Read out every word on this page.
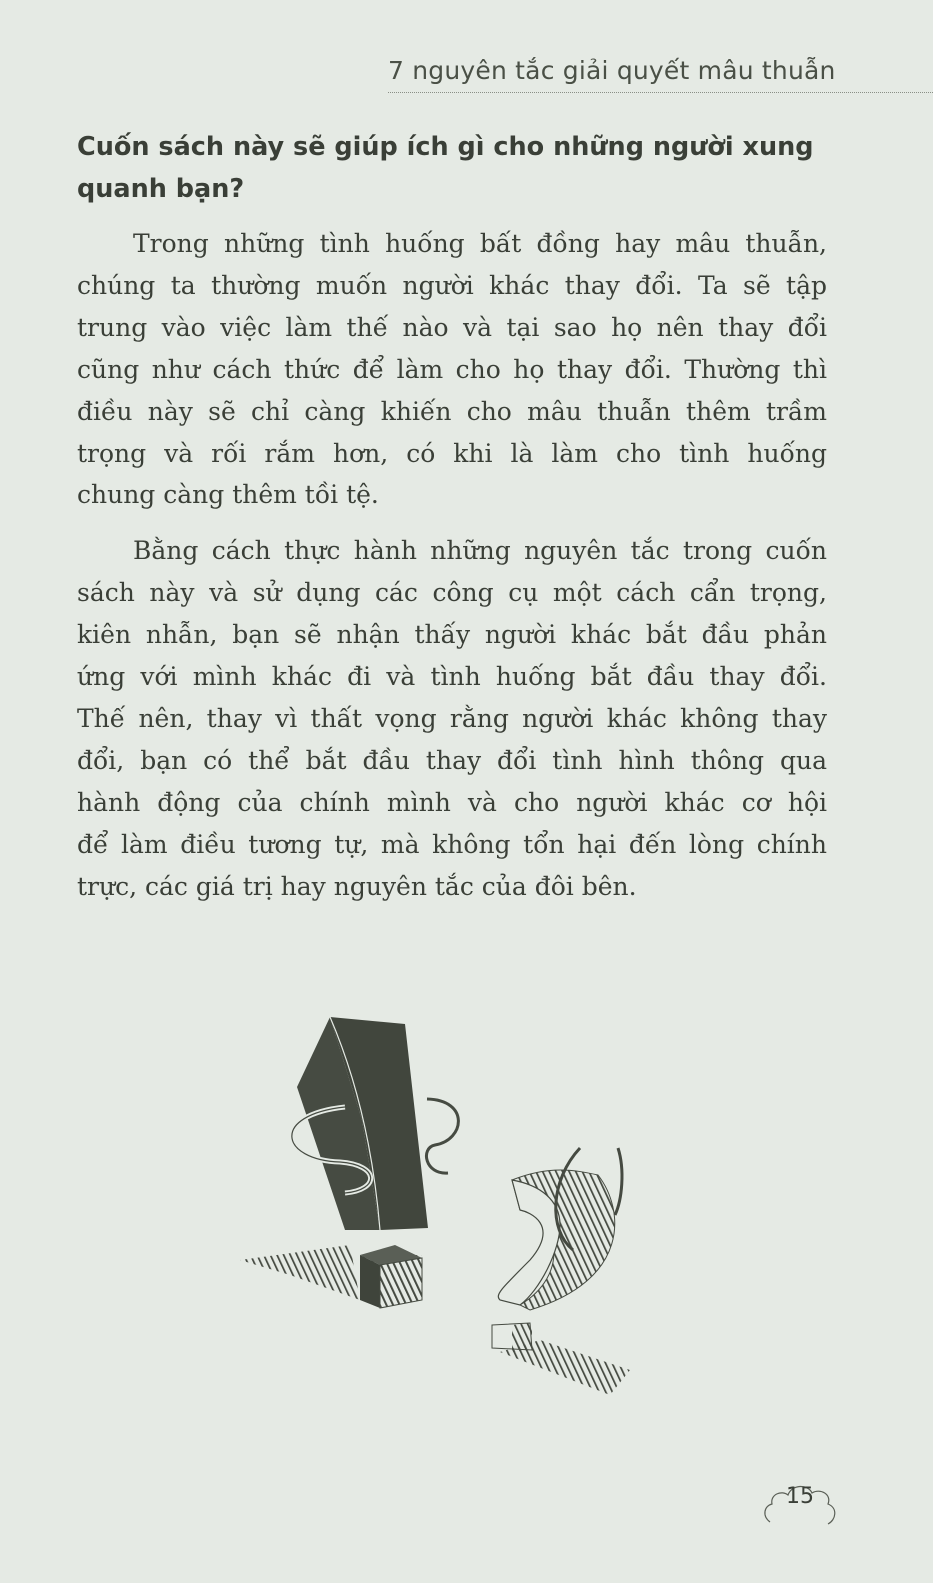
7 nguyên tắc giải quyết mâu thuẫn
Cuốn sách này sẽ giúp ích gì cho những người xung
quanh bạn?
Trong những tình huống bất đồng hay mâu thuẫn,
chúng ta thường muốn người khác thay đổi. Ta sẽ tập
trung vào việc làm thế nào và tại sao họ nên thay đổi
cũng như cách thức để làm cho họ thay đổi. Thường thì
điều này sẽ chỉ càng khiến cho mâu thuẫn thêm trầm
trọng và rối rắm hơn, có khi là làm cho tình huống
chung càng thêm tồi tệ.
Bằng cách thực hành những nguyên tắc trong cuốn
sách này và sử dụng các công cụ một cách cẩn trọng,
kiên nhẫn, bạn sẽ nhận thấy người khác bắt đầu phản
ứng với mình khác đi và tình huống bắt đầu thay đổi.
Thế nên, thay vì thất vọng rằng người khác không thay
đổi, bạn có thể bắt đầu thay đổi tình hình thông qua
hành động của chính mình và cho người khác cơ hội
để làm điều tương tự, mà không tổn hại đến lòng chính
trực, các giá trị hay nguyên tắc của đôi bên.
15
